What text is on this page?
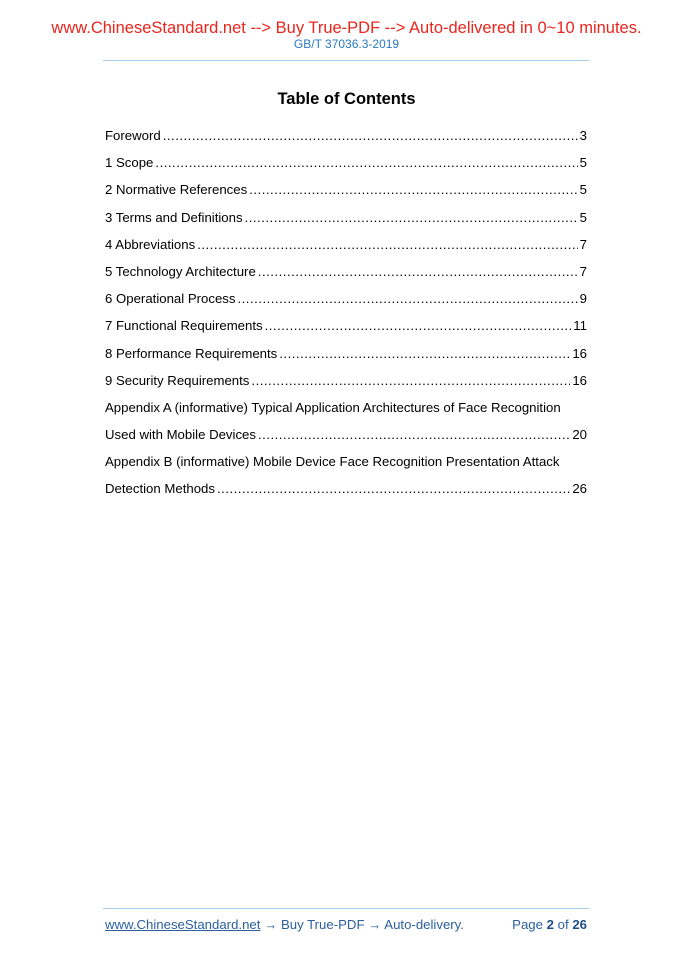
www.ChineseStandard.net --> Buy True-PDF --> Auto-delivered in 0~10 minutes.
GB/T 37036.3-2019
Table of Contents
Foreword .....	3
1 Scope .....	5
2 Normative References .....	5
3 Terms and Definitions .....	5
4 Abbreviations .....	7
5 Technology Architecture .....	7
6 Operational Process .....	9
7 Functional Requirements .....	11
8 Performance Requirements .....	16
9 Security Requirements .....	16
Appendix A (informative) Typical Application Architectures of Face Recognition
Used with Mobile Devices .....	20
Appendix B (informative) Mobile Device Face Recognition Presentation Attack
Detection Methods .....	26
www.ChineseStandard.net → Buy True-PDF → Auto-delivery.	Page 2 of 26
